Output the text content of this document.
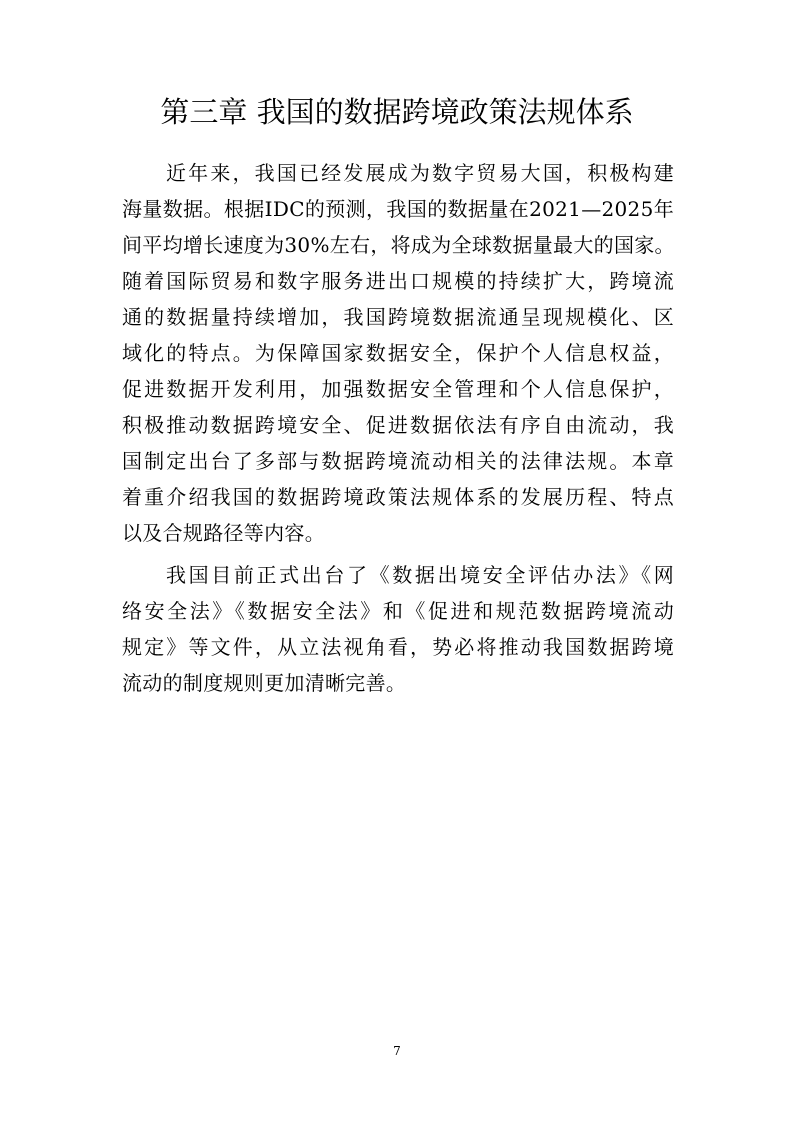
第三章 我国的数据跨境政策法规体系
近年来，我国已经发展成为数字贸易大国，积极构建
海量数据。根据IDC的预测，我国的数据量在2021—2025年
间平均增长速度为30%左右，将成为全球数据量最大的国家。
随着国际贸易和数字服务进出口规模的持续扩大，跨境流
通的数据量持续增加，我国跨境数据流通呈现规模化、区
域化的特点。为保障国家数据安全，保护个人信息权益，
促进数据开发利用，加强数据安全管理和个人信息保护，
积极推动数据跨境安全、促进数据依法有序自由流动，我
国制定出台了多部与数据跨境流动相关的法律法规。本章
着重介绍我国的数据跨境政策法规体系的发展历程、特点
以及合规路径等内容。
我国目前正式出台了《数据出境安全评估办法》《网
络安全法》《数据安全法》和《促进和规范数据跨境流动
规定》等文件，从立法视角看，势必将推动我国数据跨境
流动的制度规则更加清晰完善。
7
